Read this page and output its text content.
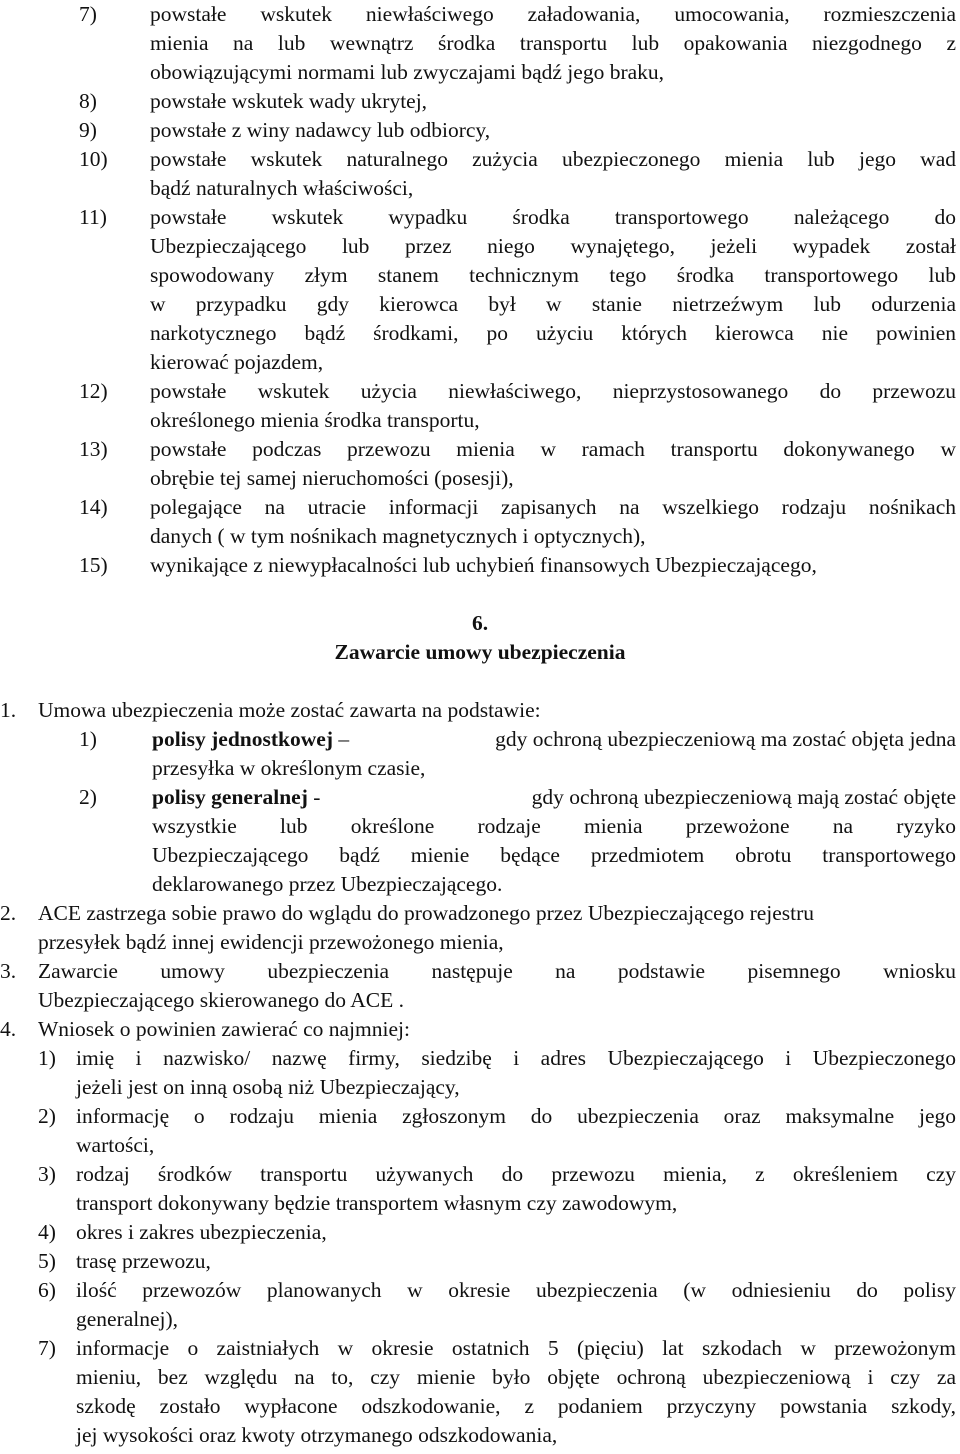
7) powstałe wskutek niewłaściwego załadowania, umocowania, rozmieszczenia
mienia na lub wewnątrz środka transportu lub opakowania niezgodnego z
obowiązującymi normami lub zwyczajami bądź jego braku,
8) powstałe wskutek wady ukrytej,
9) powstałe z winy nadawcy lub odbiorcy,
10) powstałe wskutek naturalnego zużycia ubezpieczonego mienia lub jego wad
bądź naturalnych właściwości,
11) powstałe wskutek wypadku środka transportowego należącego do
Ubezpieczającego lub przez niego wynajętego, jeżeli wypadek został
spowodowany złym stanem technicznym tego środka transportowego lub
w przypadku gdy kierowca był w stanie nietrzeźwym lub odurzenia
narkotycznego bądź środkami, po użyciu których kierowca nie powinien
kierować pojazdem,
12) powstałe wskutek użycia niewłaściwego, nieprzystosowanego do przewozu
określonego mienia środka transportu,
13) powstałe podczas przewozu mienia w ramach transportu dokonywanego w
obrębie tej samej nieruchomości (posesji),
14) polegające na utracie informacji zapisanych na wszelkiego rodzaju nośnikach
danych ( w tym nośnikach magnetycznych i optycznych),
15) wynikające z niewypłacalności lub uchybień finansowych Ubezpieczającego,
6.
Zawarcie umowy ubezpieczenia
1. Umowa ubezpieczenia może zostać zawarta na podstawie:
1)	polisy jednostkowej –	gdy ochroną ubezpieczeniową ma zostać objęta jedna
przesyłka w określonym czasie,
2)	polisy generalnej -	gdy ochroną ubezpieczeniową mają zostać objęte
wszystkie lub określone rodzaje mienia przewożone na ryzyko
Ubezpieczającego bądź mienie będące przedmiotem obrotu transportowego
deklarowanego przez Ubezpieczającego.
2. ACE zastrzega sobie prawo do wglądu do prowadzonego przez Ubezpieczającego rejestru
przesyłek bądź innej ewidencji przewożonego mienia,
3. Zawarcie umowy ubezpieczenia następuje na podstawie pisemnego wniosku
Ubezpieczającego skierowanego do ACE .
4. Wniosek o powinien zawierać co najmniej:
1) imię i nazwisko/ nazwę firmy, siedzibę i adres Ubezpieczającego i Ubezpieczonego
jeżeli jest on inną osobą niż Ubezpieczający,
2) informację o rodzaju mienia zgłoszonym do ubezpieczenia oraz maksymalne jego
wartości,
3) rodzaj środków transportu używanych do przewozu mienia, z określeniem czy
transport dokonywany będzie transportem własnym czy zawodowym,
4) okres i zakres ubezpieczenia,
5) trasę przewozu,
6) ilość przewozów planowanych w okresie ubezpieczenia (w odniesieniu do polisy
generalnej),
7) informacje o zaistniałych w okresie ostatnich 5 (pięciu) lat szkodach w przewożonym
mieniu, bez względu na to, czy mienie było objęte ochroną ubezpieczeniową i czy za
szkodę zostało wypłacone odszkodowanie, z podaniem przyczyny powstania szkody,
jej wysokości oraz kwoty otrzymanego odszkodowania,
